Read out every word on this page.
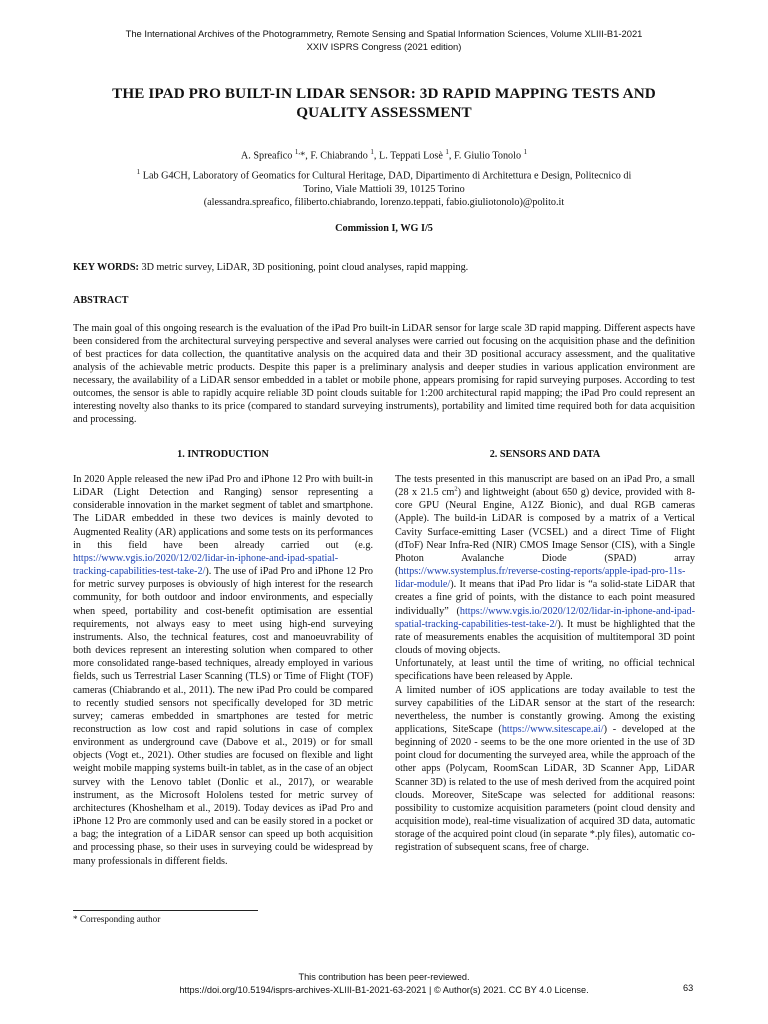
The International Archives of the Photogrammetry, Remote Sensing and Spatial Information Sciences, Volume XLIII-B1-2021
XXIV ISPRS Congress (2021 edition)
THE IPAD PRO BUILT-IN LIDAR SENSOR: 3D RAPID MAPPING TESTS AND
QUALITY ASSESSMENT
A. Spreafico $^{1,}$*, F. Chiabrando $^1$, L. Teppati Losè $^1$, F. Giulio Tonolo $^1$
$^1$ Lab G4CH, Laboratory of Geomatics for Cultural Heritage, DAD, Dipartimento di Architettura e Design, Politecnico di
Torino, Viale Mattioli 39, 10125 Torino
(alessandra.spreafico, filiberto.chiabrando, lorenzo.teppati, fabio.giuliotonolo)@polito.it
Commission I, WG I/5
KEY WORDS: 3D metric survey, LiDAR, 3D positioning, point cloud analyses, rapid mapping.
ABSTRACT
The main goal of this ongoing research is the evaluation of the iPad Pro built-in LiDAR sensor for large scale 3D rapid mapping. Different aspects have been considered from the architectural surveying perspective and several analyses were carried out focusing on the acquisition phase and the definition of best practices for data collection, the quantitative analysis on the acquired data and their 3D positional accuracy assessment, and the qualitative analysis of the achievable metric products. Despite this paper is a preliminary analysis and deeper studies in various application environment are necessary, the availability of a LiDAR sensor embedded in a tablet or mobile phone, appears promising for rapid surveying purposes. According to test outcomes, the sensor is able to rapidly acquire reliable 3D point clouds suitable for 1:200 architectural rapid mapping; the iPad Pro could represent an interesting novelty also thanks to its price (compared to standard surveying instruments), portability and limited time required both for data acquisition and processing.
1. INTRODUCTION	2. SENSORS AND DATA

In 2020 Apple released the new iPad Pro and iPhone 12 Pro with built-in LiDAR (Light Detection and Ranging) sensor representing a considerable innovation in the market segment of tablet and smartphone. The LiDAR embedded in these two devices is mainly devoted to Augmented Reality (AR) applications and some tests on its performances in this field have been already carried out (e.g. https://www.vgis.io/2020/12/02/lidar-in-iphone-and-ipad-spatial-tracking-capabilities-test-take-2/). The use of iPad Pro and iPhone 12 Pro for metric survey purposes is obviously of high interest for the research community, for both outdoor and indoor environments, and especially when speed, portability and cost-benefit optimisation are essential requirements, not always easy to meet using high-end surveying instruments. Also, the technical features, cost and manoeuvrability of both devices represent an interesting solution when compared to other more consolidated range-based techniques, already employed in various fields, such us Terrestrial Laser Scanning (TLS) or Time of Flight (TOF) cameras (Chiabrando et al., 2011). The new iPad Pro could be compared to recently studied sensors not specifically developed for 3D metric survey; cameras embedded in smartphones are tested for metric reconstruction as low cost and rapid solutions in case of complex environment as underground cave (Dabove et al., 2019) or for small objects (Vogt et., 2021). Other studies are focused on flexible and light weight mobile mapping systems built-in tablet, as in the case of an object survey with the Lenovo tablet (Donlic et al., 2017), or wearable instrument, as the Microsoft Hololens tested for metric survey of architectures (Khoshelham et al., 2019). Today devices as iPad Pro and iPhone 12 Pro are commonly used and can be easily stored in a pocket or a bag; the integration of a LiDAR sensor can speed up both acquisition and processing phase, so their uses in surveying could be widespread by many professionals in different fields.

The tests presented in this manuscript are based on an iPad Pro, a small (28 x 21.5 $cm^2$) and lightweight (about 650 g) device, provided with 8-core GPU (Neural Engine, A12Z Bionic), and dual RGB cameras (Apple). The build-in LiDAR is composed by a matrix of a Vertical Cavity Surface-emitting Laser (VCSEL) and a direct Time of Flight (dToF) Near Infra-Red (NIR) CMOS Image Sensor (CIS), with a Single Photon Avalanche Diode (SPAD) array (https://www.systemplus.fr/reverse-costing-reports/apple-ipad-pro-11s-lidar-module/). It means that iPad Pro lidar is “a solid-state LiDAR that creates a fine grid of points, with the distance to each point measured individually” (https://www.vgis.io/2020/12/02/lidar-in-iphone-and-ipad-spatial-tracking-capabilities-test-take-2/). It must be highlighted that the rate of measurements enables the acquisition of multitemporal 3D point clouds of moving objects.

Unfortunately, at least until the time of writing, no official technical specifications have been released by Apple.

A limited number of iOS applications are today available to test the survey capabilities of the LiDAR sensor at the start of the research: nevertheless, the number is constantly growing. Among the existing applications, SiteScape (https://www.sitescape.ai/) - developed at the beginning of 2020 - seems to be the one more oriented in the use of 3D point cloud for documenting the surveyed area, while the approach of the other apps (Polycam, RoomScan LiDAR, 3D Scanner App, LiDAR Scanner 3D) is related to the use of mesh derived from the acquired point clouds. Moreover, SiteScape was selected for additional reasons: possibility to customize acquisition parameters (point cloud density and acquisition mode), real-time visualization of acquired 3D data, automatic storage of the acquired point cloud (in separate *.ply files), automatic co-registration of subsequent scans, free of charge.

* Corresponding author
This contribution has been peer-reviewed.
https://doi.org/10.5194/isprs-archives-XLIII-B1-2021-63-2021 | © Author(s) 2021. CC BY 4.0 License.	63
